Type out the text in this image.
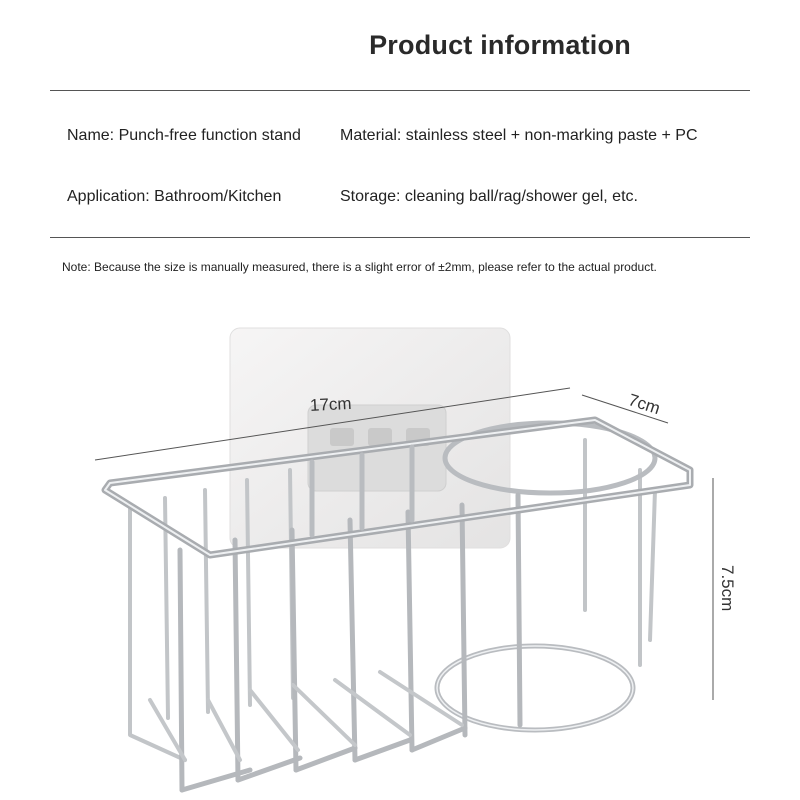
Product information
Name: Punch-free function stand Material: stainless steel + non-marking paste + PC
Application: Bathroom/Kitchen	Storage: cleaning ball/rag/shower gel, etc.
Note: Because the size is manually measured, there is a slight error of ±2mm, please refer to the actual product.
17cm	7cm
7.5cm
